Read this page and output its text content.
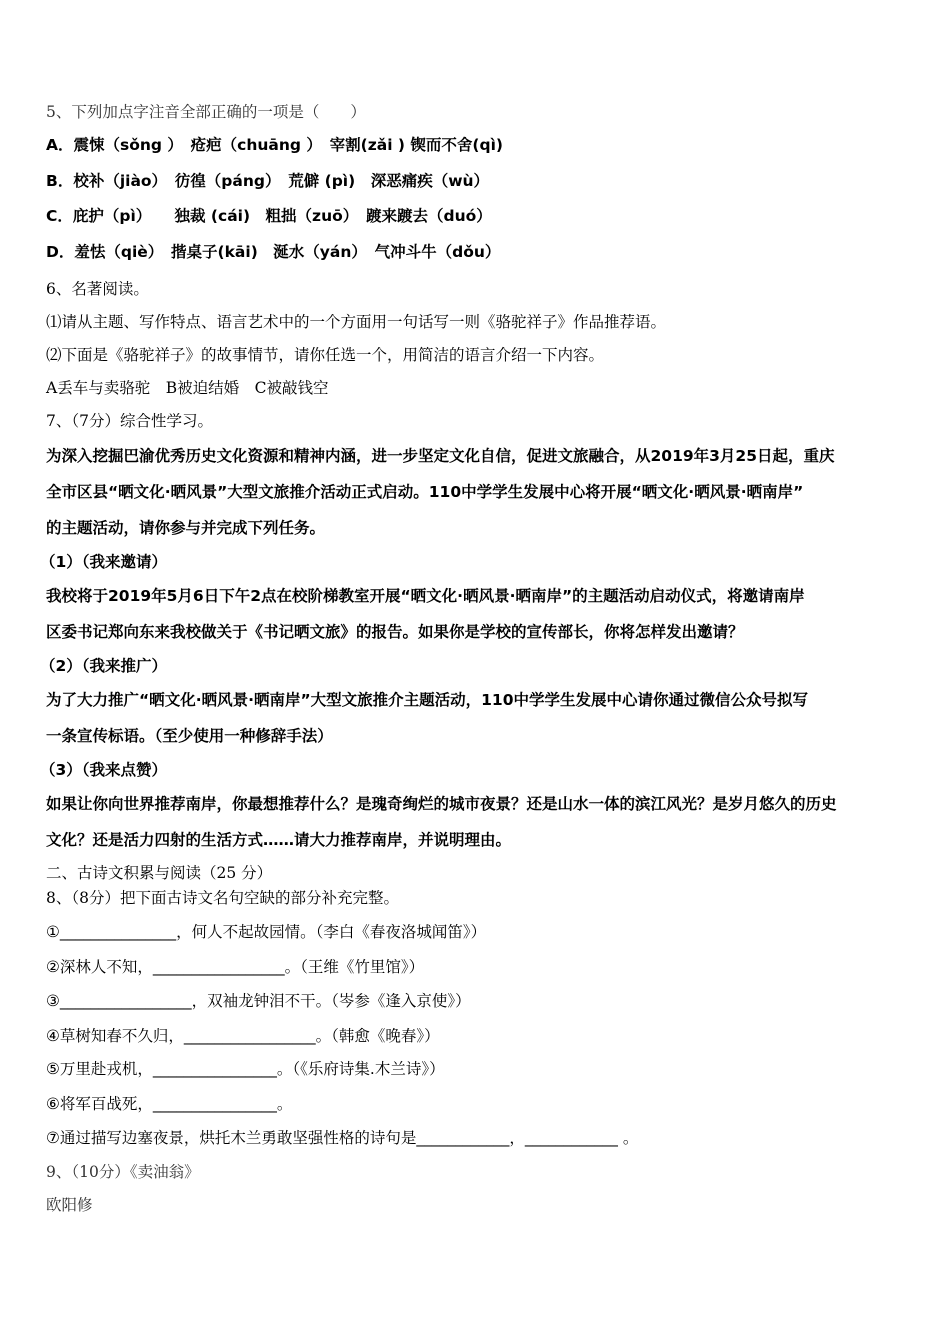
5、下列加点字注音全部正确的一项是（　　）
A．震悚（sǒng ）　疮疤（chuāng ）　宰割(zǎi ) 锲而不舍(qì)
B．校补（jiào）　彷徨（páng）　荒僻 (pì)　深恶痛疾（wù）
C．庇护（pì）　　独裁 (cái)　粗拙（zuō）　踱来踱去（duó）
D．羞怯（qiè）　揩桌子(kāi)　涎水（yán）　气冲斗牛（dǒu）
6、名著阅读。
⑴请从主题、写作特点、语言艺术中的一个方面用一句话写一则《骆驼祥子》作品推荐语。
⑵下面是《骆驼祥子》的故事情节，请你任选一个，用简洁的语言介绍一下内容。
A丢车与卖骆驼　B被迫结婚　C被敲钱空
7、（7分）综合性学习。
为深入挖掘巴渝优秀历史文化资源和精神内涵，进一步坚定文化自信，促进文旅融合，从2019年3月25日起，重庆
全市区县“晒文化·晒风景”大型文旅推介活动正式启动。110中学学生发展中心将开展“晒文化·晒风景·晒南岸”
的主题活动，请你参与并完成下列任务。
（1）（我来邀请）
我校将于2019年5月6日下午2点在校阶梯教室开展“晒文化·晒风景·晒南岸”的主题活动启动仪式，将邀请南岸
区委书记郑向东来我校做关于《书记晒文旅》的报告。如果你是学校的宣传部长，你将怎样发出邀请？
（2）（我来推广）
为了大力推广“晒文化·晒风景·晒南岸”大型文旅推介主题活动，110中学学生发展中心请你通过微信公众号拟写
一条宣传标语。（至少使用一种修辞手法）
（3）（我来点赞）
如果让你向世界推荐南岸，你最想推荐什么？是瑰奇绚烂的城市夜景？还是山水一体的滨江风光？是岁月悠久的历史
文化？还是活力四射的生活方式……请大力推荐南岸，并说明理由。
二、古诗文积累与阅读（25 分）
8、（8分）把下面古诗文名句空缺的部分补充完整。
①_______________，何人不起故园情。（李白《春夜洛城闻笛》）
②深林人不知，_________________。（王维《竹里馆》）
③_________________，双袖龙钟泪不干。（岑参《逢入京使》）
④草树知春不久归，_________________。（韩愈《晚春》）
⑤万里赴戎机，________________。（《乐府诗集.木兰诗》）
⑥将军百战死，________________。
⑦通过描写边塞夜景，烘托木兰勇敢坚强性格的诗句是____________，____________ 。
9、（10分）《卖油翁》
欧阳修
